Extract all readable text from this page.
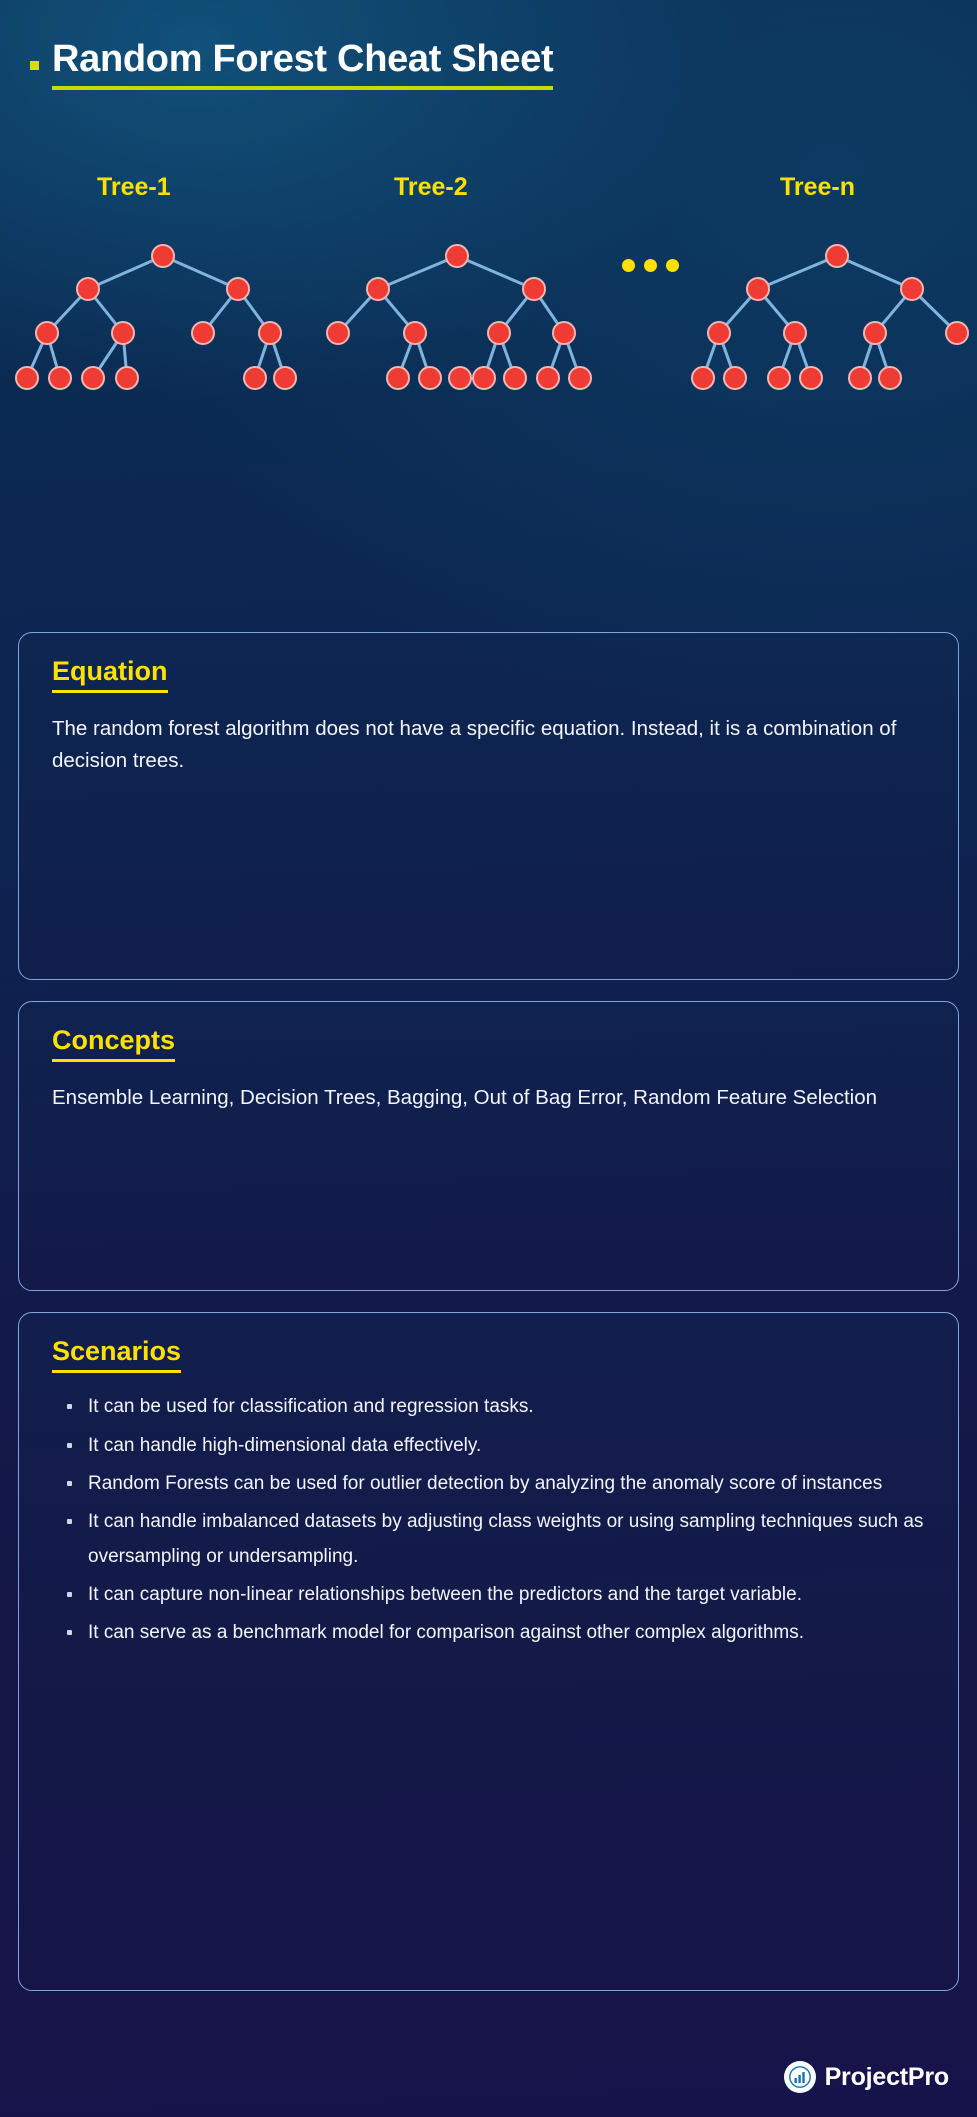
Random Forest Cheat Sheet
Tree-1	Tree-2	Tree-n
Equation
The random forest algorithm does not have a specific equation. Instead, it is a combination of decision trees.
Concepts
Ensemble Learning, Decision Trees, Bagging, Out of Bag Error, Random Feature Selection
Scenarios
It can be used for classification and regression tasks.
It can handle high-dimensional data effectively.
Random Forests can be used for outlier detection by analyzing the anomaly score of instances
It can handle imbalanced datasets by adjusting class weights or using sampling techniques such as oversampling or undersampling.
It can capture non-linear relationships between the predictors and the target variable.
It can serve as a benchmark model for comparison against other complex algorithms.
ProjectPro
